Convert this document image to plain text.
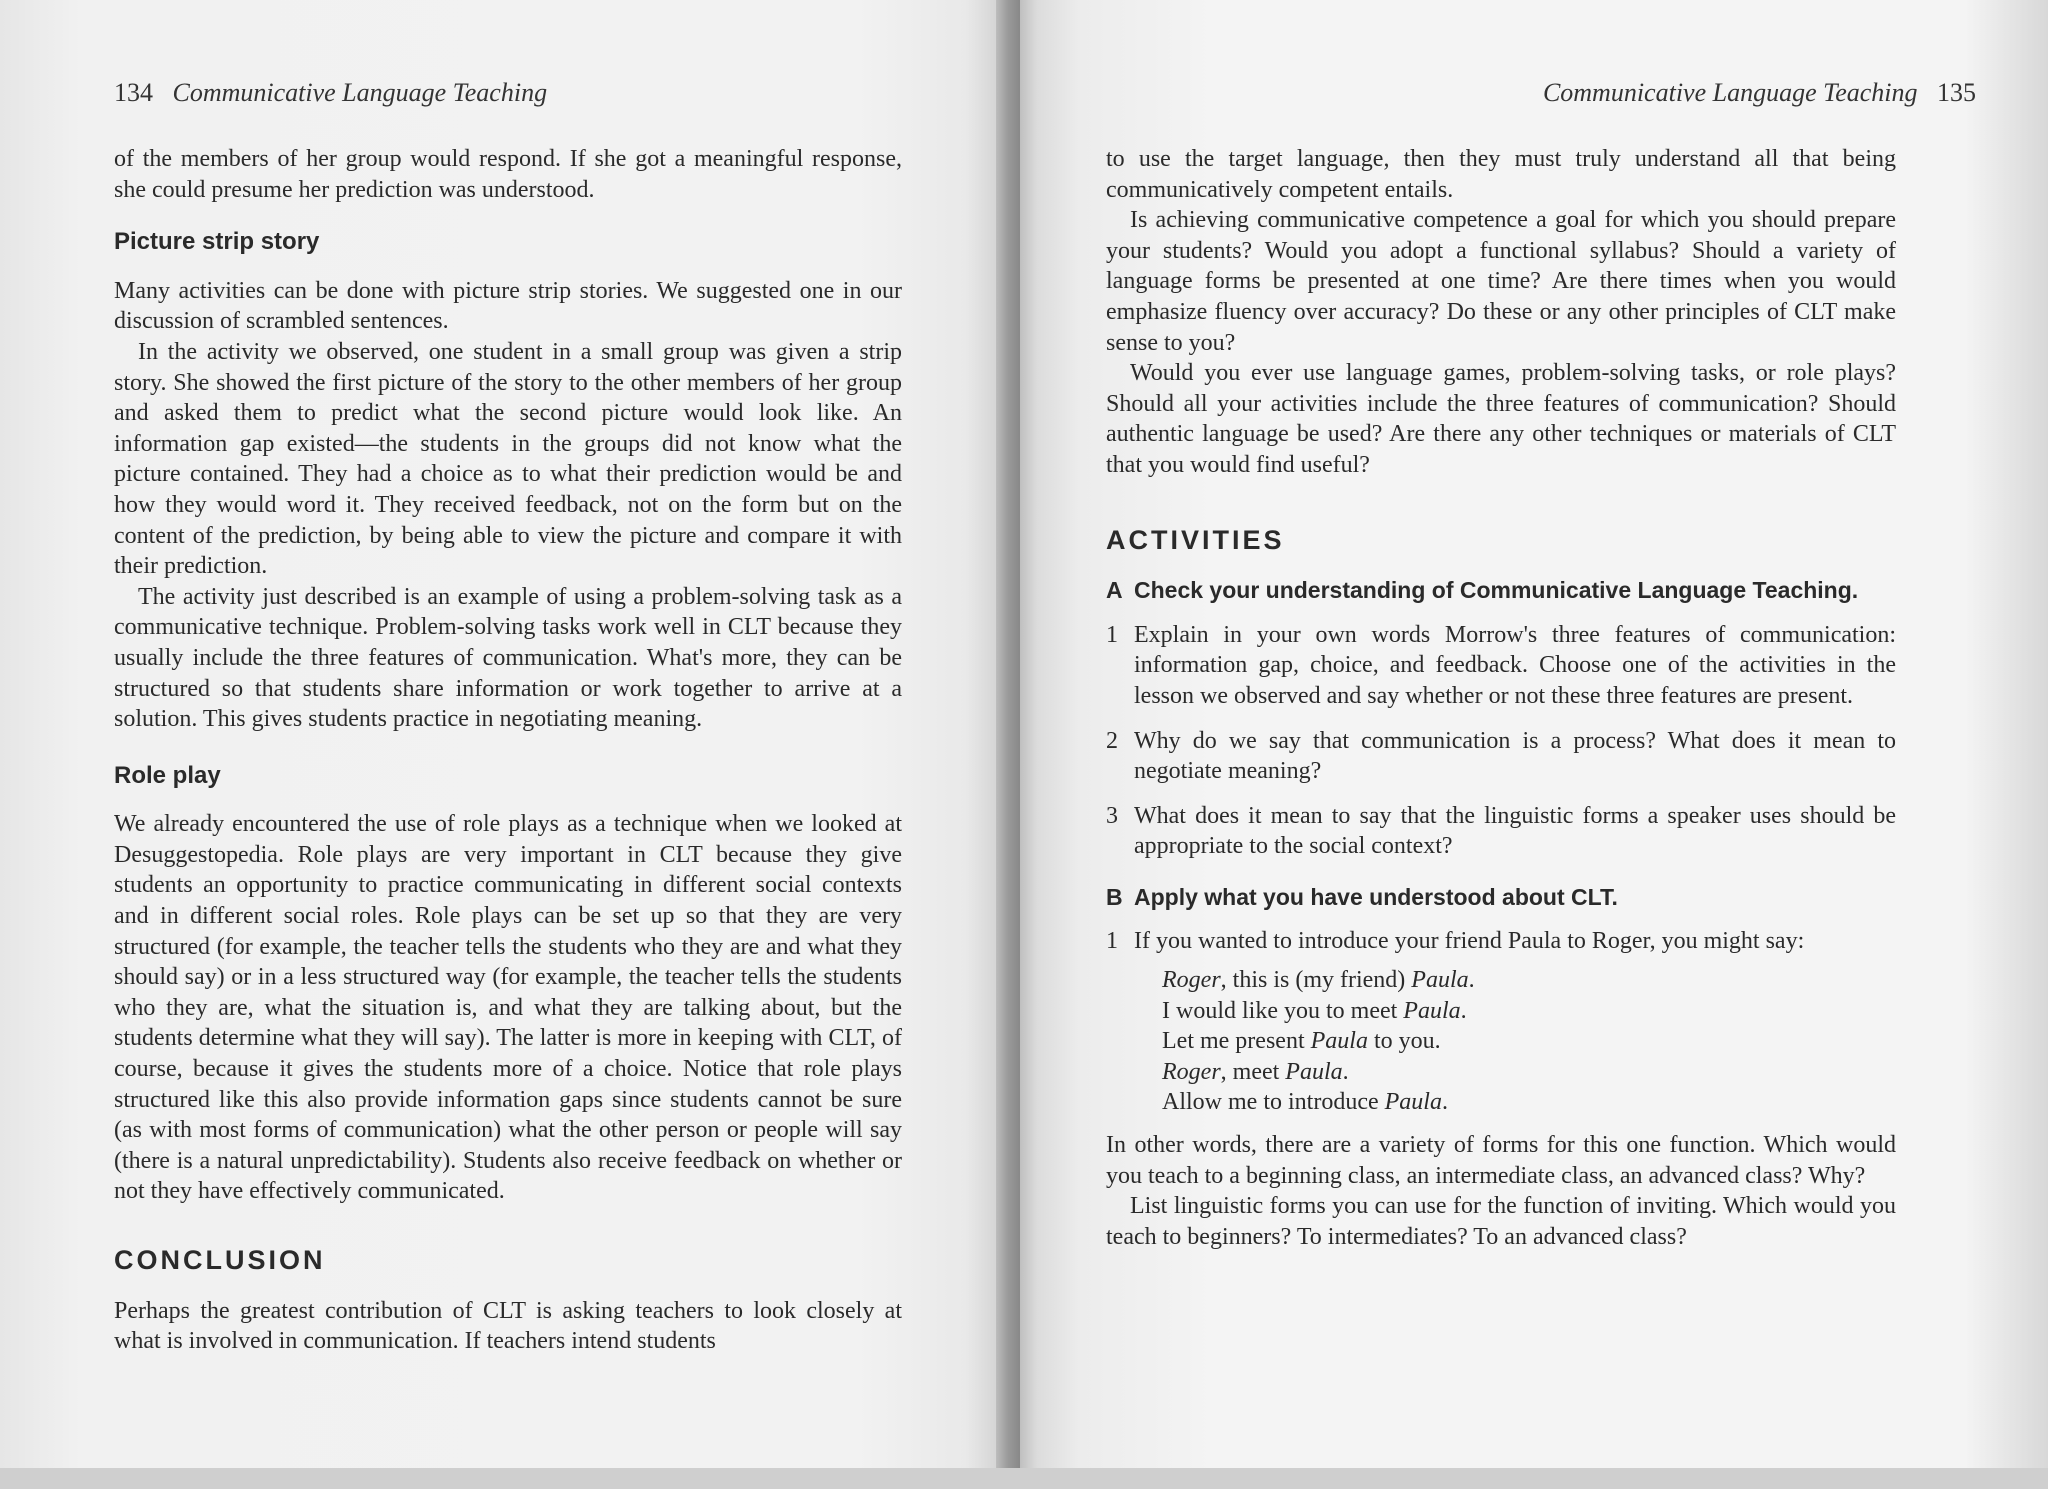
134 Communicative Language Teaching

of the members of her group would respond. If she got a meaningful response, she could presume her prediction was understood.

Picture strip story

Many activities can be done with picture strip stories. We suggested one in our discussion of scrambled sentences.

In the activity we observed, one student in a small group was given a strip story. She showed the first picture of the story to the other members of her group and asked them to predict what the second picture would look like. An information gap existed—the students in the groups did not know what the picture contained. They had a choice as to what their prediction would be and how they would word it. They received feedback, not on the form but on the content of the prediction, by being able to view the picture and compare it with their prediction.

The activity just described is an example of using a problem-solving task as a communicative technique. Problem-solving tasks work well in CLT because they usually include the three features of communication. What's more, they can be structured so that students share information or work together to arrive at a solution. This gives students practice in negotiating meaning.

Role play

We already encountered the use of role plays as a technique when we looked at Desuggestopedia. Role plays are very important in CLT because they give students an opportunity to practice communicating in different social contexts and in different social roles. Role plays can be set up so that they are very structured (for example, the teacher tells the students who they are and what they should say) or in a less structured way (for example, the teacher tells the students who they are, what the situation is, and what they are talking about, but the students determine what they will say). The latter is more in keeping with CLT, of course, because it gives the students more of a choice. Notice that role plays structured like this also provide information gaps since students cannot be sure (as with most forms of communication) what the other person or people will say (there is a natural unpredictability). Students also receive feedback on whether or not they have effectively communicated.

CONCLUSION

Perhaps the greatest contribution of CLT is asking teachers to look closely at what is involved in communication. If teachers intend students

Communicative Language Teaching 135

to use the target language, then they must truly understand all that being communicatively competent entails.

Is achieving communicative competence a goal for which you should prepare your students? Would you adopt a functional syllabus? Should a variety of language forms be presented at one time? Are there times when you would emphasize fluency over accuracy? Do these or any other principles of CLT make sense to you?

Would you ever use language games, problem-solving tasks, or role plays? Should all your activities include the three features of communication? Should authentic language be used? Are there any other techniques or materials of CLT that you would find useful?

ACTIVITIES
A Check your understanding of Communicative Language Teaching.
1 Explain in your own words Morrow's three features of communication: information gap, choice, and feedback. Choose one of the activities in the lesson we observed and say whether or not these three features are present.
2 Why do we say that communication is a process? What does it mean to negotiate meaning?
3 What does it mean to say that the linguistic forms a speaker uses should be appropriate to the social context?
B Apply what you have understood about CLT.
1 If you wanted to introduce your friend Paula to Roger, you might say:
Roger, this is (my friend) Paula.
I would like you to meet Paula.
Let me present Paula to you.
Roger, meet Paula.
Allow me to introduce Paula.

In other words, there are a variety of forms for this one function. Which would you teach to a beginning class, an intermediate class, an advanced class? Why?

List linguistic forms you can use for the function of inviting. Which would you teach to beginners? To intermediates? To an advanced class?
